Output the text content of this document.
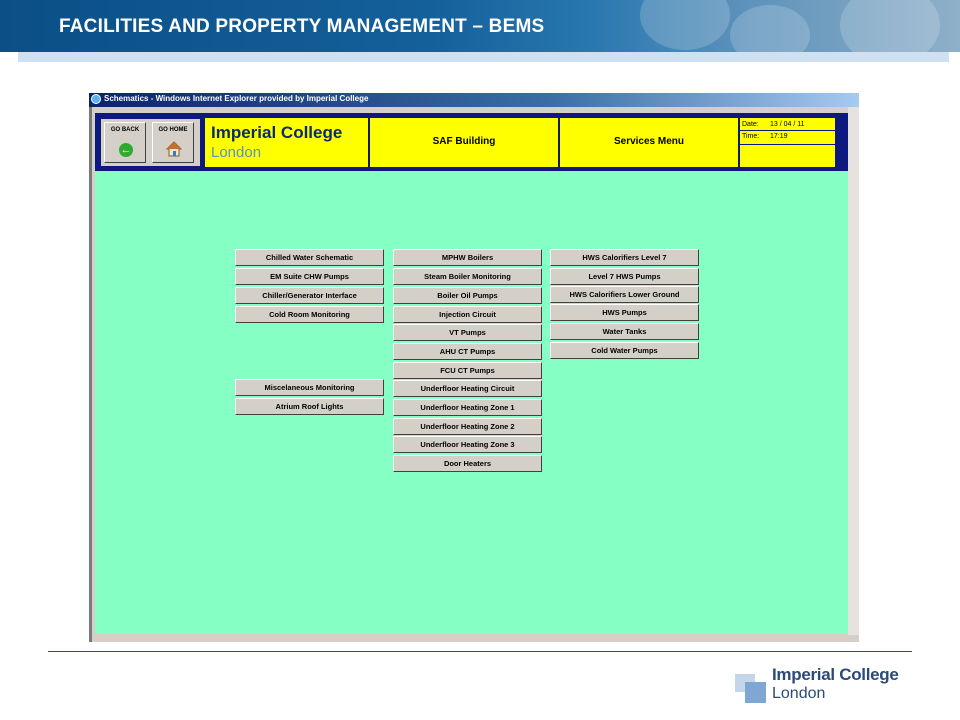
FACILITIES AND PROPERTY MANAGEMENT – BEMS
Schematics - Windows Internet Explorer provided by Imperial College
GO BACK
←
GO HOME	Imperial College
London
SAF Building	Services Menu
Date: 13 / 04 / 11
Time: 17:19
Chilled Water Schematic
EM Suite CHW Pumps
Chiller/Generator Interface
Cold Room Monitoring
Miscelaneous Monitoring
Atrium Roof Lights
MPHW Boilers
Steam Boiler Monitoring
Boiler Oil Pumps
Injection Circuit
VT Pumps
AHU CT Pumps
FCU CT Pumps
Underfloor Heating Circuit
Underfloor Heating Zone 1
Underfloor Heating Zone 2
Underfloor Heating Zone 3
Door Heaters
HWS Calorifiers Level 7
Level 7 HWS Pumps
HWS Calorifiers Lower Ground
HWS Pumps
Water Tanks
Cold Water Pumps
Imperial College
London
